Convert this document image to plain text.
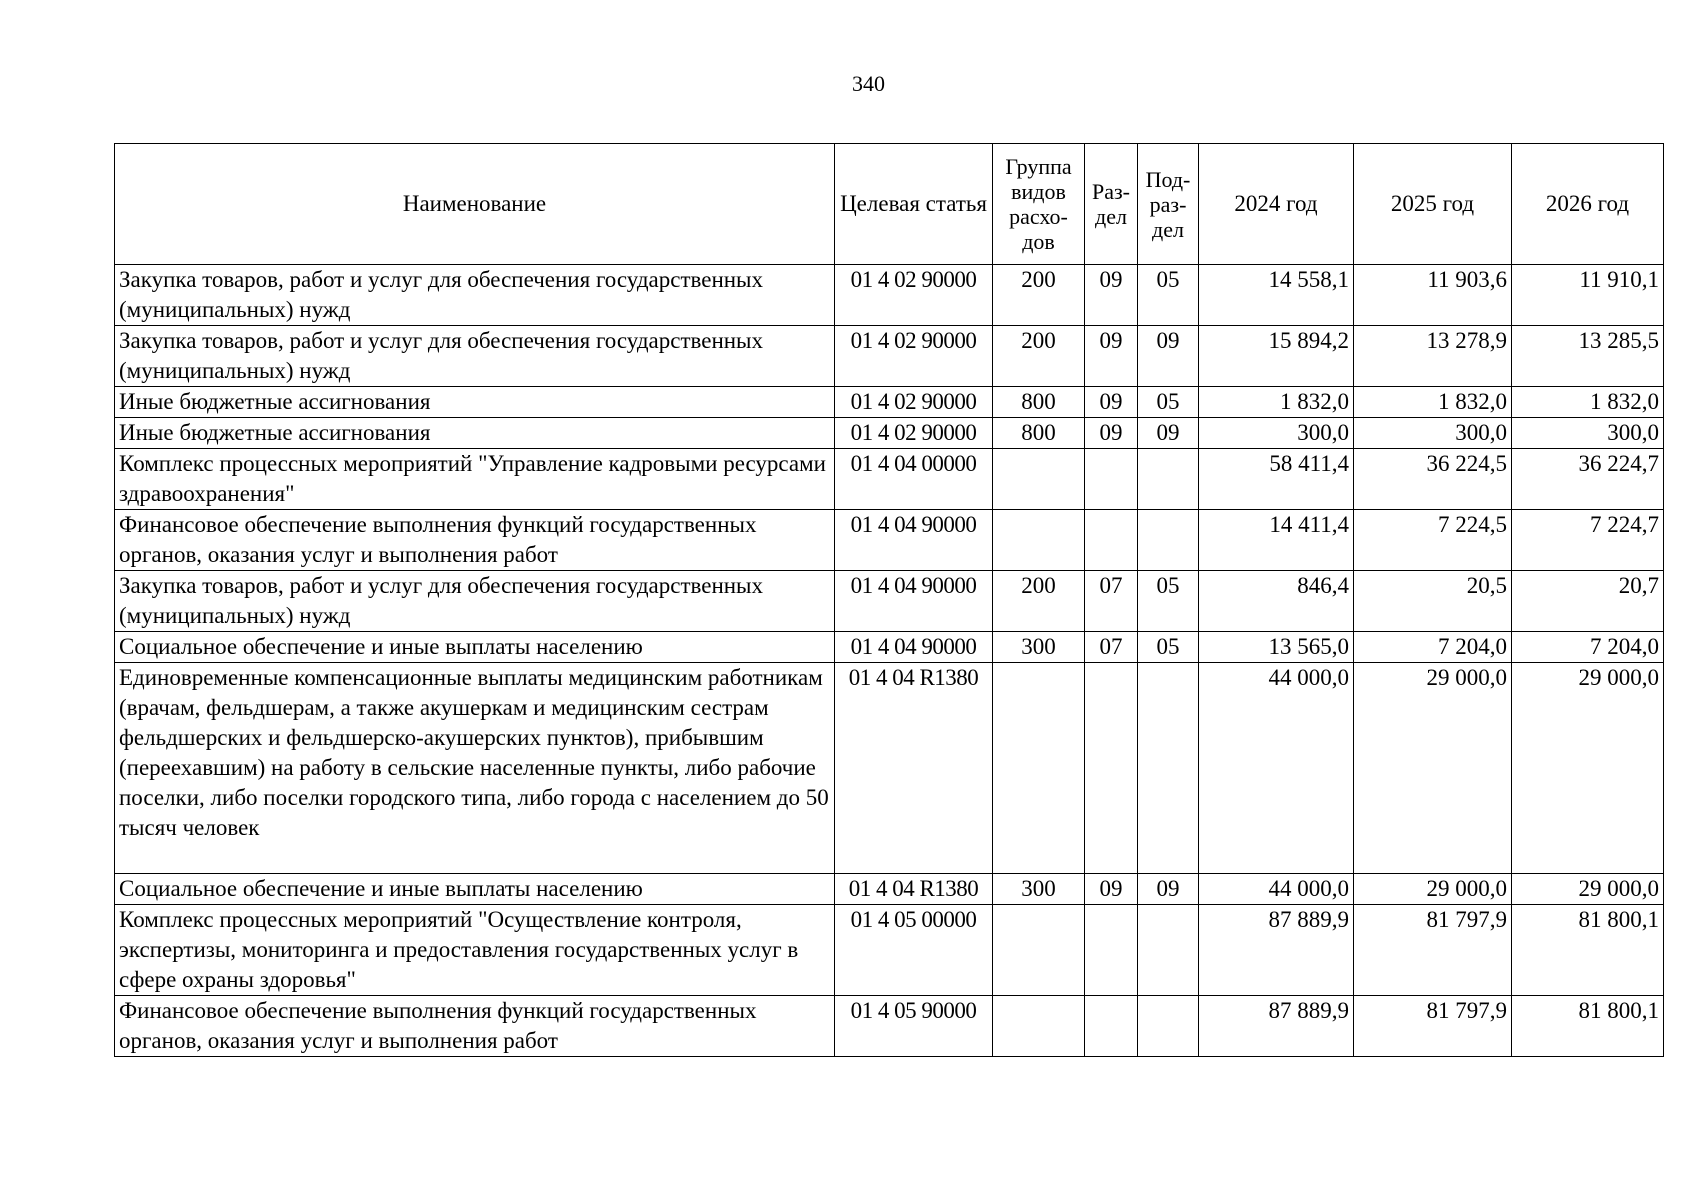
340
Наименование	Целевая статья	Группа видов расхо-дов	Раз-дел	Под-раз-дел	2024 год	2025 год	2026 год
Закупка товаров, работ и услуг для обеспечения государственных (муниципальных) нужд	01 4 02 90000	200	09	05	14 558,1	11 903,6	11 910,1
Закупка товаров, работ и услуг для обеспечения государственных (муниципальных) нужд	01 4 02 90000	200	09	09	15 894,2	13 278,9	13 285,5
Иные бюджетные ассигнования	01 4 02 90000	800	09	05	1 832,0	1 832,0	1 832,0
Иные бюджетные ассигнования	01 4 02 90000	800	09	09	300,0	300,0	300,0
Комплекс процессных мероприятий "Управление кадровыми ресурсами здравоохранения"	01 4 04 00000				58 411,4	36 224,5	36 224,7
Финансовое обеспечение выполнения функций государственных органов, оказания услуг и выполнения работ	01 4 04 90000				14 411,4	7 224,5	7 224,7
Закупка товаров, работ и услуг для обеспечения государственных (муниципальных) нужд	01 4 04 90000	200	07	05	846,4	20,5	20,7
Социальное обеспечение и иные выплаты населению	01 4 04 90000	300	07	05	13 565,0	7 204,0	7 204,0
Единовременные компенсационные выплаты медицинским работникам (врачам, фельдшерам, а также акушеркам и медицинским сестрам фельдшерских и фельдшерско-акушерских пунктов), прибывшим (переехавшим) на работу в сельские населенные пункты, либо рабочие поселки, либо поселки городского типа, либо города с населением до 50 тысяч человек	01 4 04 R1380				44 000,0	29 000,0	29 000,0
Социальное обеспечение и иные выплаты населению	01 4 04 R1380	300	09	09	44 000,0	29 000,0	29 000,0
Комплекс процессных мероприятий "Осуществление контроля, экспертизы, мониторинга и предоставления государственных услуг в сфере охраны здоровья"	01 4 05 00000				87 889,9	81 797,9	81 800,1
Финансовое обеспечение выполнения функций государственных органов, оказания услуг и выполнения работ	01 4 05 90000				87 889,9	81 797,9	81 800,1
